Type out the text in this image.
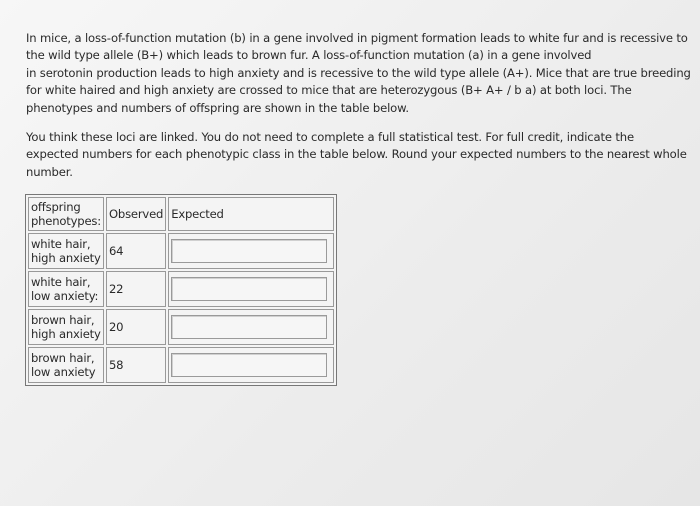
In mice, a loss-of-function mutation (b) in a gene involved in pigment formation leads to white fur and is recessive to
the wild type allele (B+) which leads to brown fur. A loss-of-function mutation (a) in a gene involved
in serotonin production leads to high anxiety and is recessive to the wild type allele (A+). Mice that are true breeding
for white haired and high anxiety are crossed to mice that are heterozygous (B+ A+ / b a) at both loci. The
phenotypes and numbers of offspring are shown in the table below.

You think these loci are linked. You do not need to complete a full statistical test. For full credit, indicate the
expected numbers for each phenotypic class in the table below. Round your expected numbers to the nearest whole
number.

offspring
phenotypes:	Observed	Expected

white hair,
high anxiety	64	

white hair,
low anxiety:	22	

brown hair,
high anxiety	20	

brown hair,
low anxiety	58	
